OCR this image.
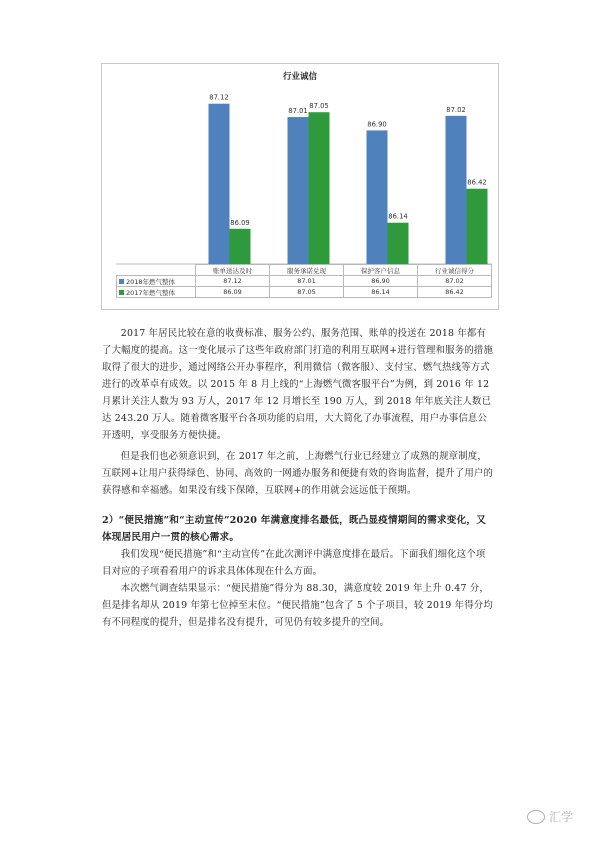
行业诚信
87.12
86.09
87.01
87.05
86.90
86.14
87.02
86.42
	账单送达及时	服务承诺兑现	保护客户信息	行业诚信得分
2018年燃气整体	87.12	87.01	86.90	87.02
2017年燃气整体	86.09	87.05	86.14	86.42

2017 年居民比较在意的收费标准、服务公约、服务范围、账单的投送在 2018 年都有了大幅度的提高。这一变化展示了这些年政府部门打造的利用互联网+进行管理和服务的措施取得了很大的进步，通过网络公开办事程序，利用微信（微客服）、支付宝、燃气热线等方式进行的改革卓有成效。以 2015 年 8 月上线的“上海燃气微客服平台”为例，到 2016 年 12 月累计关注人数为 93 万人，2017 年 12 月增长至 190 万人，到 2018 年年底关注人数已达 243.20 万人。随着微客服平台各项功能的启用，大大简化了办事流程，用户办事信息公开透明，享受服务方便快捷。

但是我们也必须意识到，在 2017 年之前，上海燃气行业已经建立了成熟的规章制度，互联网+让用户获得绿色、协同、高效的一网通办服务和便捷有效的咨询监督，提升了用户的获得感和幸福感。如果没有线下保障，互联网+的作用就会远远低于预期。

2）“便民措施”和“主动宣传”2020 年满意度排名最低，既凸显疫情期间的需求变化，又体现居民用户一贯的核心需求。

我们发现“便民措施”和“主动宣传”在此次测评中满意度排在最后。下面我们细化这个项目对应的子项看看用户的诉求具体体现在什么方面。

本次燃气调查结果显示：“便民措施”得分为 88.30，满意度较 2019 年上升 0.47 分，但是排名却从 2019 年第七位掉至末位。“便民措施”包含了 5 个子项目，较 2019 年得分均有不同程度的提升，但是排名没有提升，可见仍有较多提升的空间。

汇学
